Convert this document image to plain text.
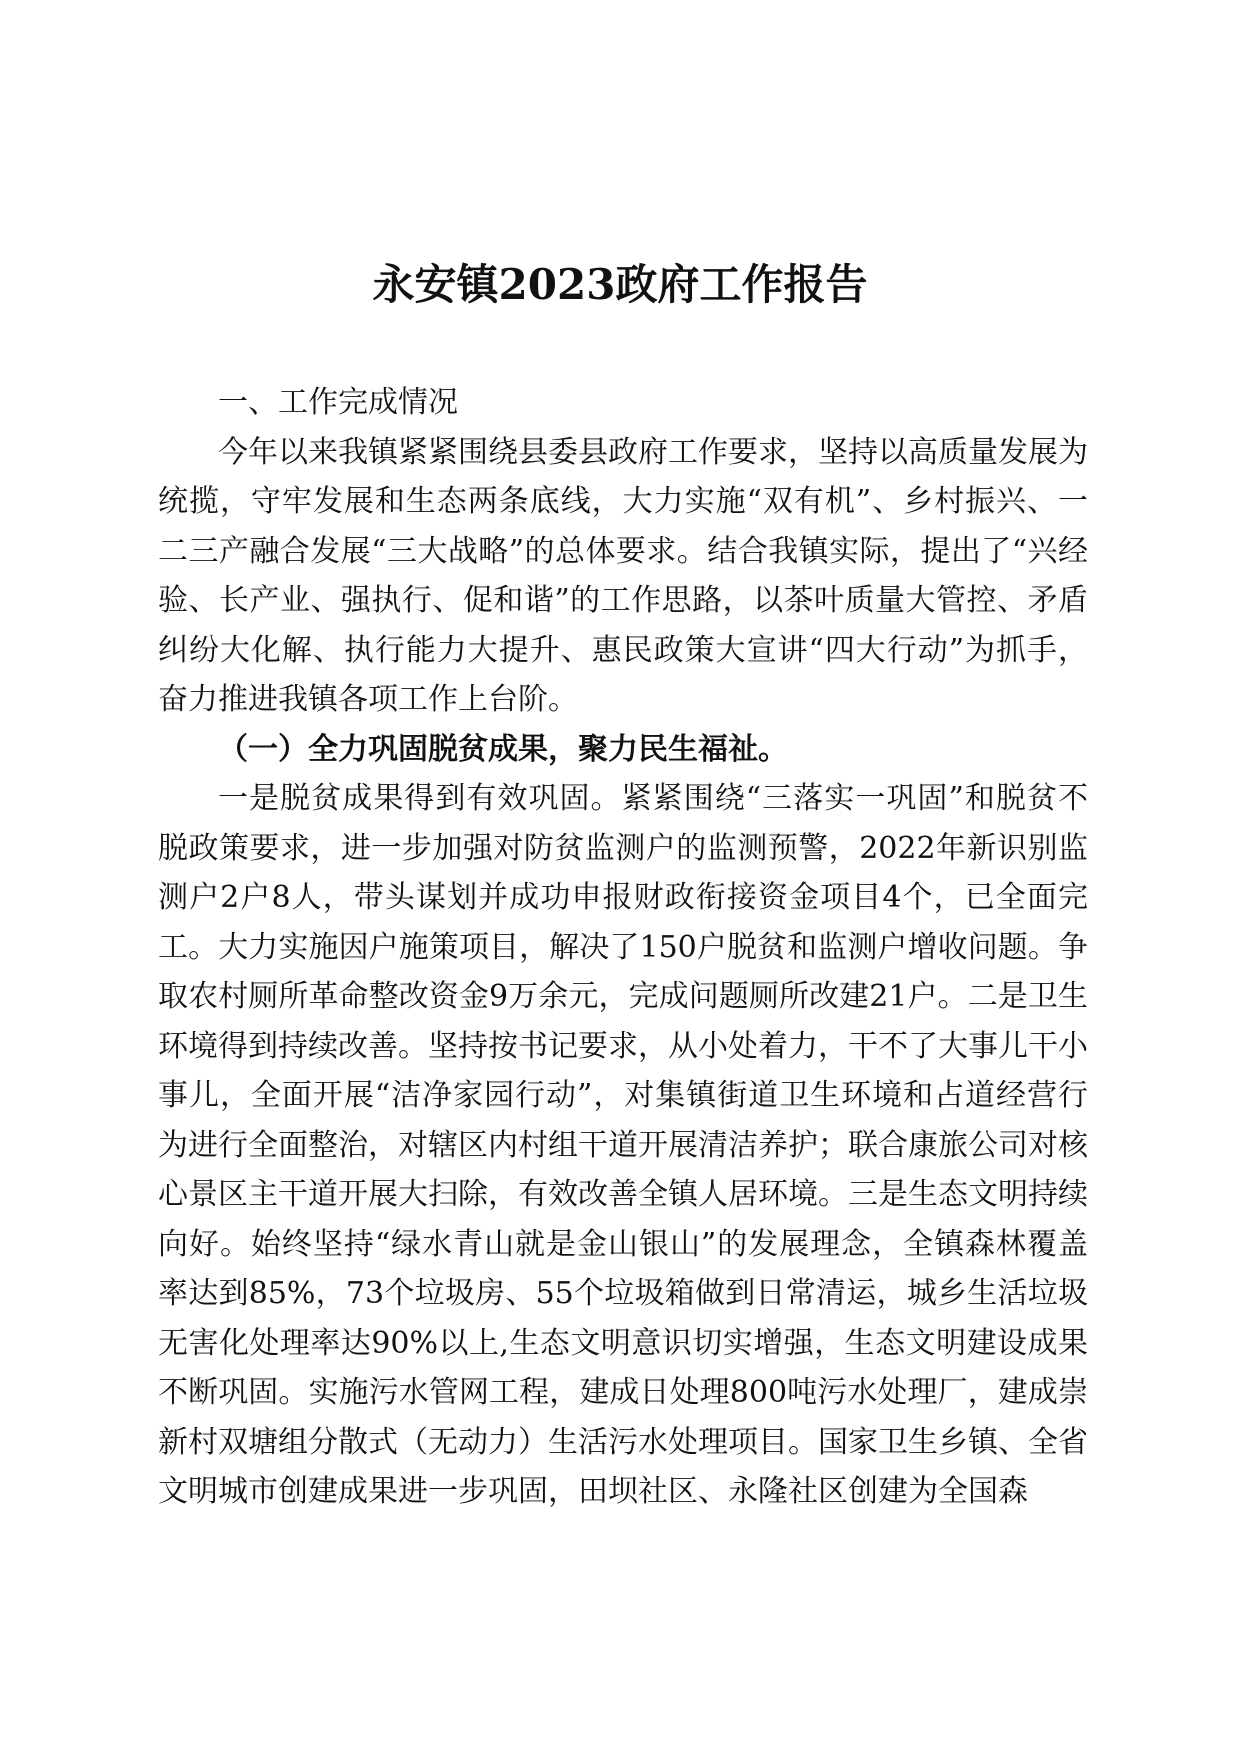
永安镇2023政府工作报告

一、工作完成情况

今年以来我镇紧紧围绕县委县政府工作要求，坚持以高质量发展为统揽，守牢发展和生态两条底线，大力实施“双有机”、乡村振兴、一二三产融合发展“三大战略”的总体要求。结合我镇实际，提出了“兴经验、长产业、强执行、促和谐”的工作思路，以茶叶质量大管控、矛盾纠纷大化解、执行能力大提升、惠民政策大宣讲“四大行动”为抓手，奋力推进我镇各项工作上台阶。

（一）全力巩固脱贫成果，聚力民生福祉。

一是脱贫成果得到有效巩固。紧紧围绕“三落实一巩固”和脱贫不脱政策要求，进一步加强对防贫监测户的监测预警，2022年新识别监测户2户8人，带头谋划并成功申报财政衔接资金项目4个，已全面完工。大力实施因户施策项目，解决了150户脱贫和监测户增收问题。争取农村厕所革命整改资金9万余元，完成问题厕所改建21户。二是卫生环境得到持续改善。坚持按书记要求，从小处着力，干不了大事儿干小事儿，全面开展“洁净家园行动”，对集镇街道卫生环境和占道经营行为进行全面整治，对辖区内村组干道开展清洁养护；联合康旅公司对核心景区主干道开展大扫除，有效改善全镇人居环境。三是生态文明持续向好。始终坚持“绿水青山就是金山银山”的发展理念，全镇森林覆盖率达到85%，73个垃圾房、55个垃圾箱做到日常清运，城乡生活垃圾无害化处理率达90%以上,生态文明意识切实增强，生态文明建设成果不断巩固。实施污水管网工程，建成日处理800吨污水处理厂，建成崇新村双塘组分散式（无动力）生活污水处理项目。国家卫生乡镇、全省文明城市创建成果进一步巩固，田坝社区、永隆社区创建为全国森
